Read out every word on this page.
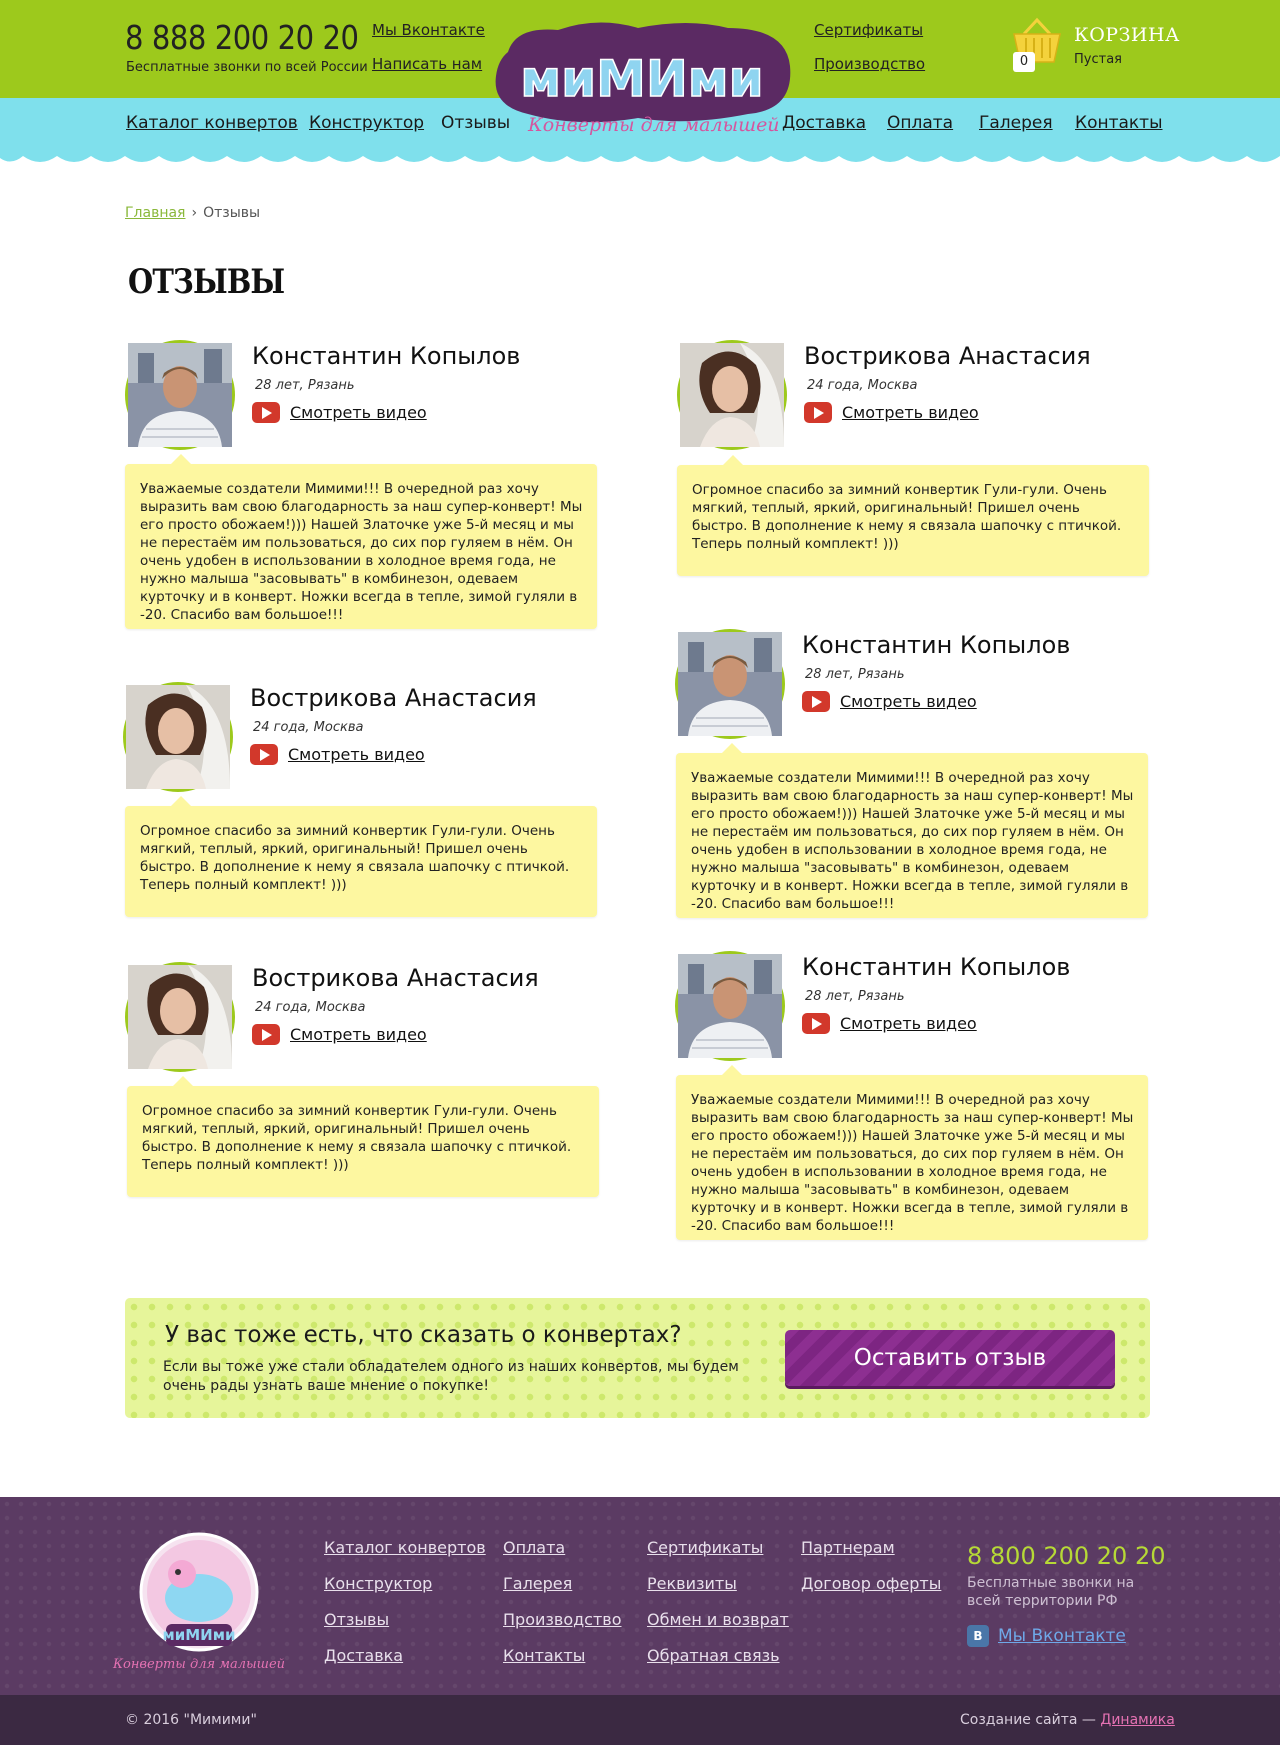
8 888 200 20 20
Бесплатные звонки по всей России
Мы Вконтакте
Написать нам
Сертификаты
Производство	0
КОРЗИНА
Пустая
Каталог конвертов Конструктор Отзывы	Доставка Оплата Галерея Контакты
миМИми
Конверты для малышей
Главная › Отзывы
ОТЗЫВЫ
Константин Копылов
28 лет, Рязань
Смотреть видео
Уважаемые создатели Мимими!!! В очередной раз хочу выразить вам свою благодарность за наш супер-конверт! Мы его просто обожаем!))) Нашей Златочке уже 5-й месяц и мы не перестаём им пользоваться, до сих пор гуляем в нём. Он очень удобен в использовании в холодное время года, не нужно малыша "засовывать" в комбинезон, одеваем курточку и в конверт. Ножки всегда в тепле, зимой гуляли в -20. Спасибо вам большое!!!
Вострикова Анастасия
24 года, Москва
Смотреть видео
Огромное спасибо за зимний конвертик Гули-гули. Очень мягкий, теплый, яркий, оригинальный! Пришел очень быстро. В дополнение к нему я связала шапочку с птичкой. Теперь полный комплект! )))
Вострикова Анастасия
24 года, Москва
Смотреть видео
Огромное спасибо за зимний конвертик Гули-гули. Очень мягкий, теплый, яркий, оригинальный! Пришел очень быстро. В дополнение к нему я связала шапочку с птичкой. Теперь полный комплект! )))
Вострикова Анастасия
24 года, Москва
Смотреть видео
Огромное спасибо за зимний конвертик Гули-гули. Очень мягкий, теплый, яркий, оригинальный! Пришел очень быстро. В дополнение к нему я связала шапочку с птичкой. Теперь полный комплект! )))
Константин Копылов
28 лет, Рязань
Смотреть видео
Уважаемые создатели Мимими!!! В очередной раз хочу выразить вам свою благодарность за наш супер-конверт! Мы его просто обожаем!))) Нашей Златочке уже 5-й месяц и мы не перестаём им пользоваться, до сих пор гуляем в нём. Он очень удобен в использовании в холодное время года, не нужно малыша "засовывать" в комбинезон, одеваем курточку и в конверт. Ножки всегда в тепле, зимой гуляли в -20. Спасибо вам большое!!!
Константин Копылов
28 лет, Рязань
Смотреть видео
Уважаемые создатели Мимими!!! В очередной раз хочу выразить вам свою благодарность за наш супер-конверт! Мы его просто обожаем!))) Нашей Златочке уже 5-й месяц и мы не перестаём им пользоваться, до сих пор гуляем в нём. Он очень удобен в использовании в холодное время года, не нужно малыша "засовывать" в комбинезон, одеваем курточку и в конверт. Ножки всегда в тепле, зимой гуляли в -20. Спасибо вам большое!!!
У вас тоже есть, что сказать о конвертах?
Если вы тоже уже стали обладателем одного из наших конвертов, мы будем очень рады узнать ваше мнение о покупке!
Оставить отзыв
миМИми
Конверты для малышей
Каталог конвертов
Конструктор
Отзывы
Доставка
Оплата
Галерея
Производство
Контакты
Сертификаты
Реквизиты
Обмен и возврат
Обратная связь
Партнерам
Договор оферты
8 800 200 20 20
Бесплатные звонки на всей территории РФ
В Мы Вконтакте
© 2016 "Мимими"	Создание сайта — Динамика
